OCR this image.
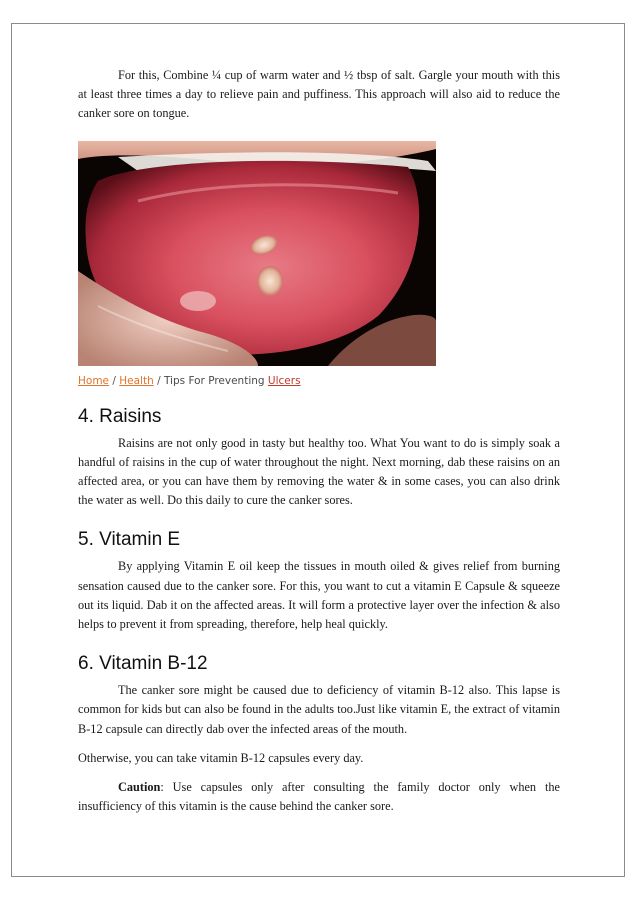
For this, Combine ¼ cup of warm water and ½ tbsp of salt. Gargle your mouth with this at least three times a day to relieve pain and puffiness. This approach will also aid to reduce the canker sore on tongue.

Home / Health / Tips For Preventing Ulcers
4. Raisins

Raisins are not only good in tasty but healthy too. What You want to do is simply soak a handful of raisins in the cup of water throughout the night. Next morning, dab these raisins on an affected area, or you can have them by removing the water & in some cases, you can also drink the water as well. Do this daily to cure the canker sores.

5. Vitamin E

By applying Vitamin E oil keep the tissues in mouth oiled & gives relief from burning sensation caused due to the canker sore. For this, you want to cut a vitamin E Capsule & squeeze out its liquid. Dab it on the affected areas. It will form a protective layer over the infection & also helps to prevent it from spreading, therefore, help heal quickly.

6. Vitamin B-12

The canker sore might be caused due to deficiency of vitamin B-12 also. This lapse is common for kids but can also be found in the adults too.Just like vitamin E, the extract of vitamin B-12 capsule can directly dab over the infected areas of the mouth.

Otherwise, you can take vitamin B-12 capsules every day.

Caution: Use capsules only after consulting the family doctor only when the insufficiency of this vitamin is the cause behind the canker sore.
